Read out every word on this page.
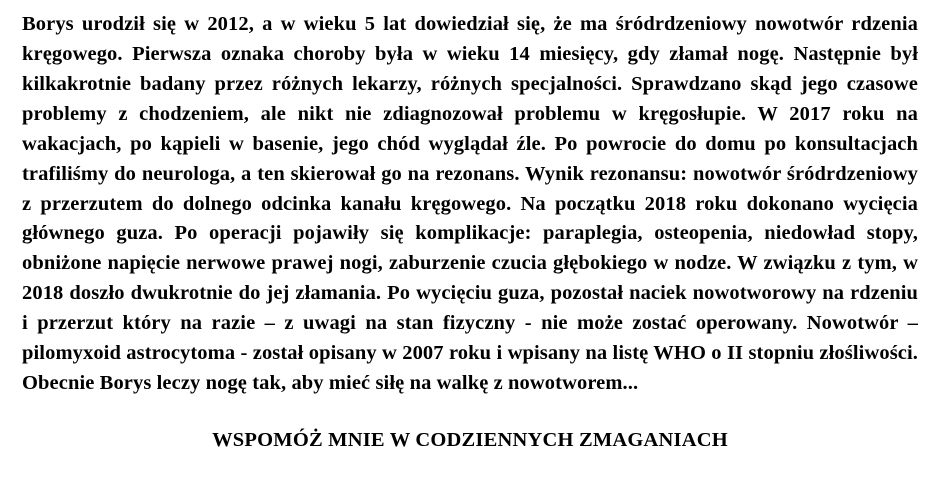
Borys urodził się w 2012, a w wieku 5 lat dowiedział się, że ma śródrdzeniowy nowotwór rdzenia kręgowego. Pierwsza oznaka choroby była w wieku 14 miesięcy, gdy złamał nogę. Następnie był kilkakrotnie badany przez różnych lekarzy, różnych specjalności. Sprawdzano skąd jego czasowe problemy z chodzeniem, ale nikt nie zdiagnozował problemu w kręgosłupie. W 2017 roku na wakacjach, po kąpieli w basenie, jego chód wyglądał źle. Po powrocie do domu po konsultacjach trafiliśmy do neurologa, a ten skierował go na rezonans. Wynik rezonansu: nowotwór śródrdzeniowy z przerzutem do dolnego odcinka kanału kręgowego. Na początku 2018 roku dokonano wycięcia głównego guza. Po operacji pojawiły się komplikacje: paraplegia, osteopenia, niedowład stopy, obniżone napięcie nerwowe prawej nogi, zaburzenie czucia głębokiego w nodze. W związku z tym, w 2018 doszło dwukrotnie do jej złamania. Po wycięciu guza, pozostał naciek nowotworowy na rdzeniu i przerzut który na razie – z uwagi na stan fizyczny - nie może zostać operowany. Nowotwór – pilomyxoid astrocytoma - został opisany w 2007 roku i wpisany na listę WHO o II stopniu złośliwości. Obecnie Borys leczy nogę tak, aby mieć siłę na walkę z nowotworem...

WSPOMÓŻ MNIE W CODZIENNYCH ZMAGANIACH
